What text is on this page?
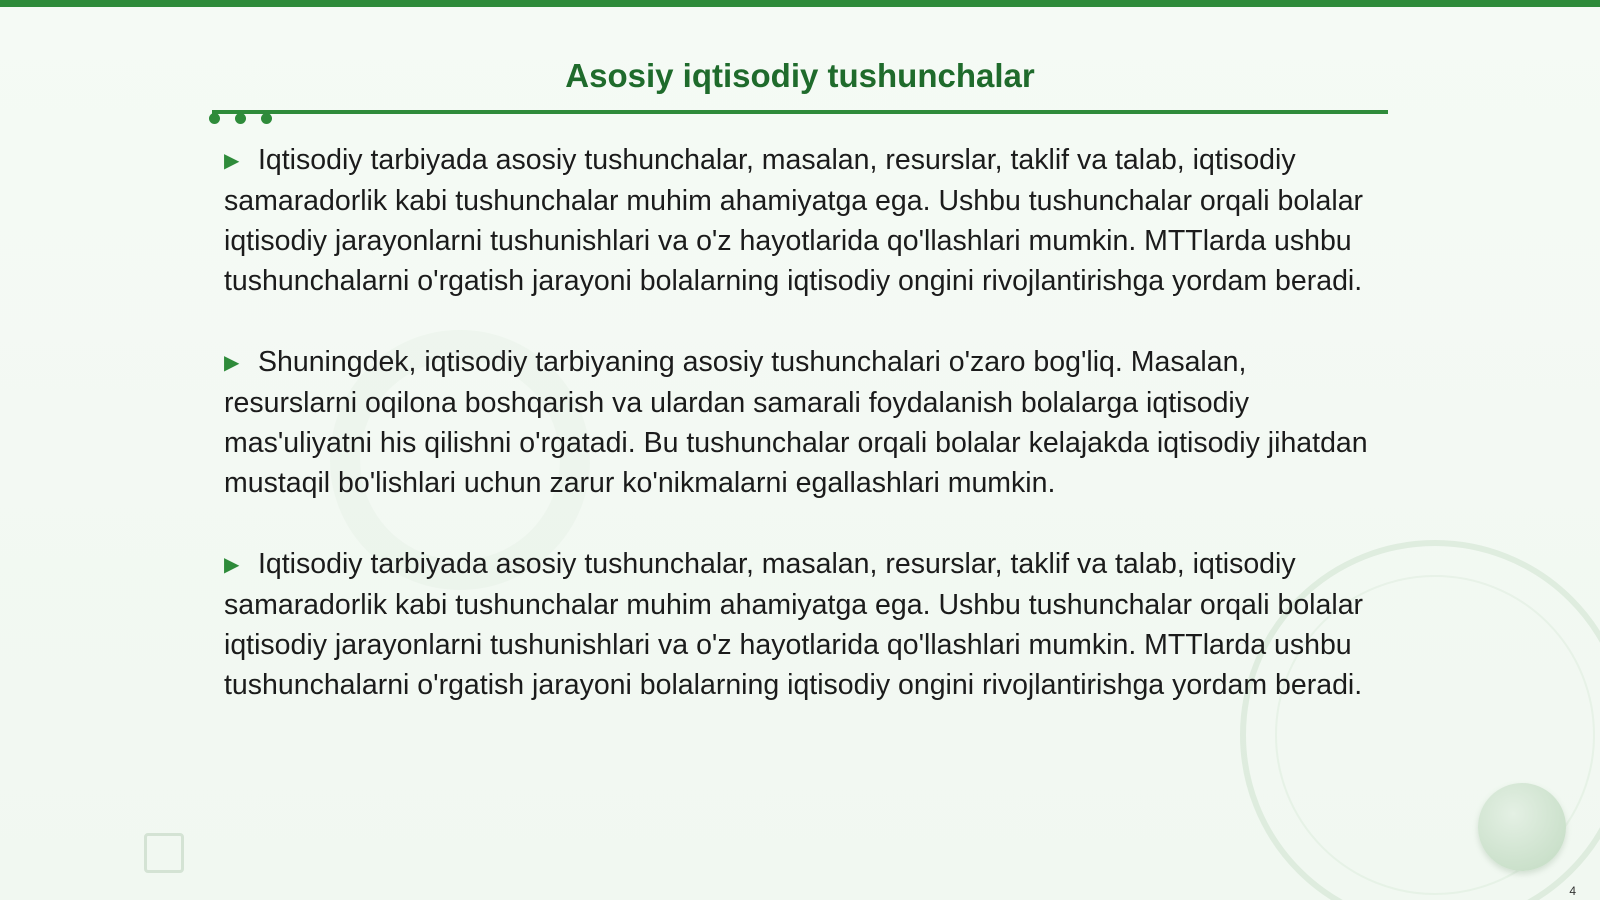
Asosiy iqtisodiy tushunchalar

▶ Iqtisodiy tarbiyada asosiy tushunchalar, masalan, resurslar, taklif va talab, iqtisodiy samaradorlik kabi tushunchalar muhim ahamiyatga ega. Ushbu tushunchalar orqali bolalar iqtisodiy jarayonlarni tushunishlari va o'z hayotlarida qo'llashlari mumkin. MTTlarda ushbu tushunchalarni o'rgatish jarayoni bolalarning iqtisodiy ongini rivojlantirishga yordam beradi.

▶ Shuningdek, iqtisodiy tarbiyaning asosiy tushunchalari o'zaro bog'liq. Masalan, resurslarni oqilona boshqarish va ulardan samarali foydalanish bolalarga iqtisodiy mas'uliyatni his qilishni o'rgatadi. Bu tushunchalar orqali bolalar kelajakda iqtisodiy jihatdan mustaqil bo'lishlari uchun zarur ko'nikmalarni egallashlari mumkin.

▶ Iqtisodiy tarbiyada asosiy tushunchalar, masalan, resurslar, taklif va talab, iqtisodiy samaradorlik kabi tushunchalar muhim ahamiyatga ega. Ushbu tushunchalar orqali bolalar iqtisodiy jarayonlarni tushunishlari va o'z hayotlarida qo'llashlari mumkin. MTTlarda ushbu tushunchalarni o'rgatish jarayoni bolalarning iqtisodiy ongini rivojlantirishga yordam beradi.

4
